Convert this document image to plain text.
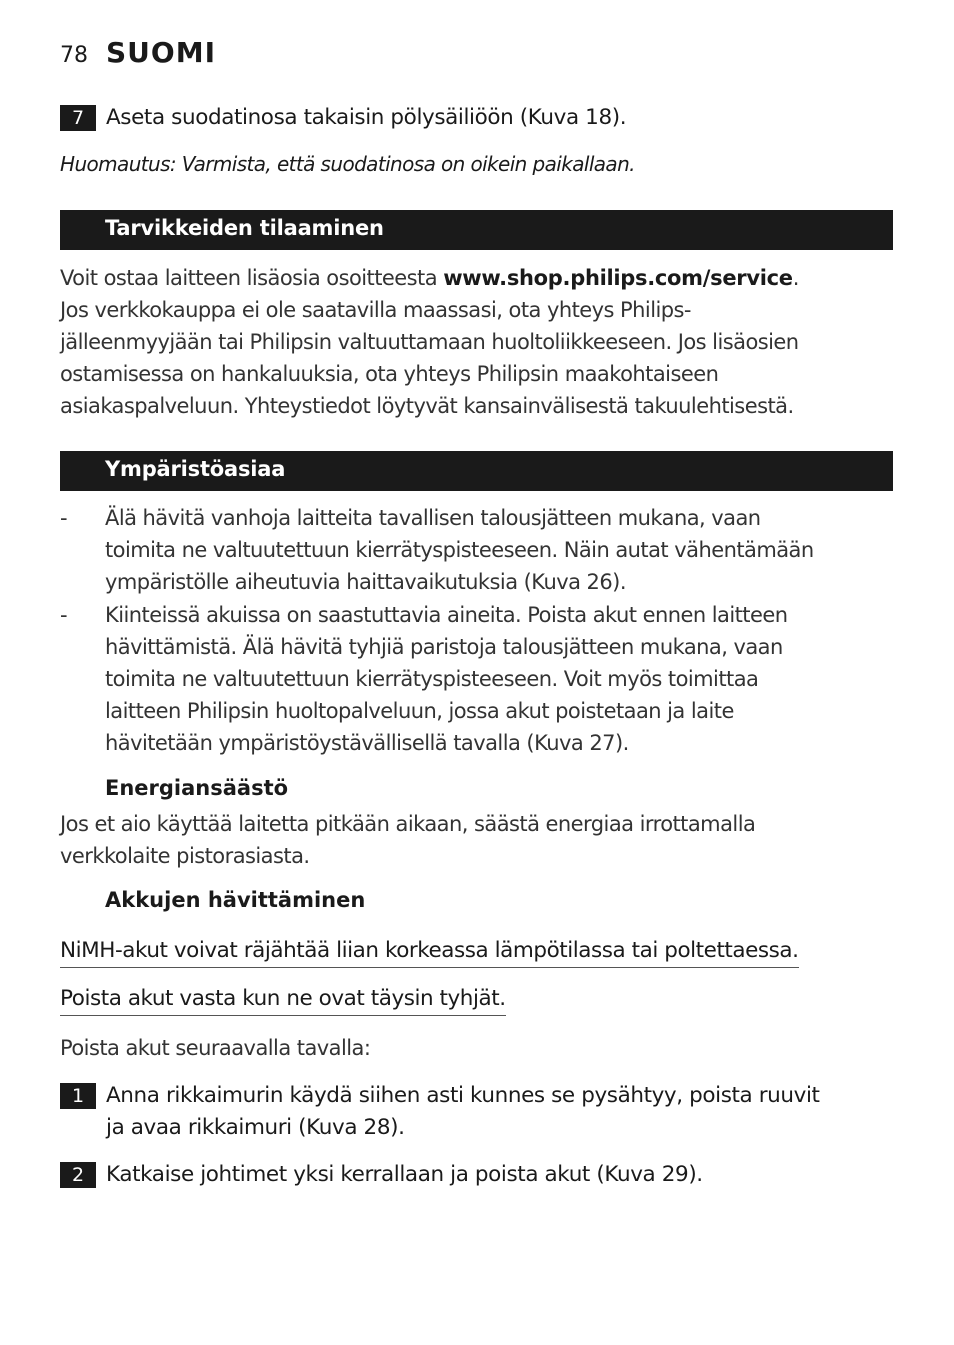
78 SUOMI
7	Aseta suodatinosa takaisin pölysäiliöön (Kuva 18).
Huomautus: Varmista, että suodatinosa on oikein paikallaan.
Tarvikkeiden tilaaminen
Voit ostaa laitteen lisäosia osoitteesta www.shop.philips.com/service.
Jos verkkokauppa ei ole saatavilla maassasi, ota yhteys Philips-
jälleenmyyjään tai Philipsin valtuuttamaan huoltoliikkeeseen. Jos lisäosien
ostamisessa on hankaluuksia, ota yhteys Philipsin maakohtaiseen
asiakaspalveluun. Yhteystiedot löytyvät kansainvälisestä takuulehtisestä.
Ympäristöasiaa
-	Älä hävitä vanhoja laitteita tavallisen talousjätteen mukana, vaan
toimita ne valtuutettuun kierrätyspisteeseen. Näin autat vähentämään
ympäristölle aiheutuvia haittavaikutuksia (Kuva 26).
-	Kiinteissä akuissa on saastuttavia aineita. Poista akut ennen laitteen
hävittämistä. Älä hävitä tyhjiä paristoja talousjätteen mukana, vaan
toimita ne valtuutettuun kierrätyspisteeseen. Voit myös toimittaa
laitteen Philipsin huoltopalveluun, jossa akut poistetaan ja laite
hävitetään ympäristöystävällisellä tavalla (Kuva 27).
Energiansäästö
Jos et aio käyttää laitetta pitkään aikaan, säästä energiaa irrottamalla
verkkolaite pistorasiasta.
Akkujen hävittäminen
NiMH-akut voivat räjähtää liian korkeassa lämpötilassa tai poltettaessa.
Poista akut vasta kun ne ovat täysin tyhjät.
Poista akut seuraavalla tavalla:
1	Anna rikkaimurin käydä siihen asti kunnes se pysähtyy, poista ruuvit
ja avaa rikkaimuri (Kuva 28).
2	Katkaise johtimet yksi kerrallaan ja poista akut (Kuva 29).
